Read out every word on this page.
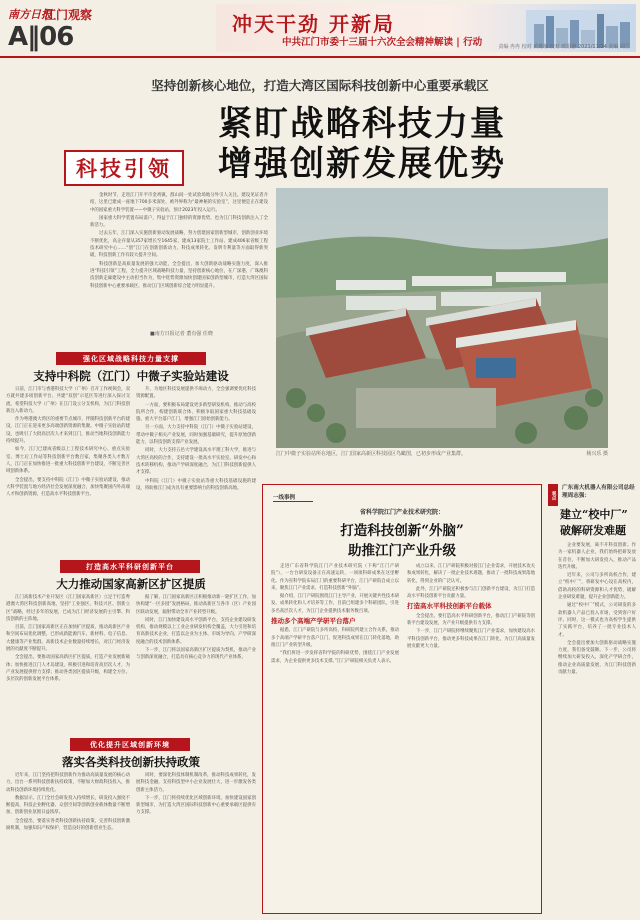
南方日报
江门观察
A‖06	冲天干劲 开新局
中共江门市委十三届十六次全会精神解读 | 行动	责编 冉冉 校对 黄耀敏 校对 欧阳静 2021/11/24 美编 周兰
坚持创新核心地位，打造大湾区国际科技创新中心重要承载区
科技引领
紧盯战略科技力量
增强创新发展优势

金秋时节，走进江门开平市金鸡镇，群山间一处试验场地分外引人关注。建设见证者介绍，这里已建成一座地下700多米深处、被外界称为“最神秘的实验室”，这里便是正在建设中的国家重大科学装置——中微子实验站，预计2023年投入运行。

国家重大科学装置布局落户，得益于江门独特的资源优势，也为江门科技创新注入了全新活力。

过去五年，江门深入实施创新驱动发展战略，努力创建国家创新型城市，创新创业环境不断优化，高企存量从357家增长至1645家，建成13家院士工作站、建成406家省级工程技术研究中心……“创”江门在创新创新动力、科技成果转化、发明专利量等方面取得新突破，科技创新工作有较大提升空间。

科技创新是高质量发展的强大动能，全会提出，加大创新驱动战略实施力度，深入推进“科技引领”工程，全力提升区域战略科技力量，坚持创新核心地位，在广深港、广珠澳科技创新走廊建设中主动担当作为，集中优势资源加快创建国家创新型城市，打造大湾区国际科技创新中心重要承载区，推动江门区域创新综合能力明显提升。

■南方日报记者 董有强 任晓
江门中微子实验站所在地区，江门国家高新区科技园区鸟瞰图，已初步形成产业集群。	杨兴乐 摄
强化区域战略科技力量支撑
支持中科院（江门）中微子实验站建设

日前，江门市与香港科技大学（广州）召开工作视频会，双方就共建多项创新平台、共建“双创”示范区等进行深入探讨交流，希望科技大学（广州）在江门设立分支机构，为江门科技创新注入新动力。

作为粤港澳大湾区的重要节点城市，伴随科技创新平台的建设，江门正在迎来更多高端创新资源的集聚。中微子实验站的建设，也吸引了大批高层次人才来到江门，推动当地科技创新能力持续提升。

如今，江门已建成省级以上工程技术研究中心、重点实验室、博士后工作站等科技创新平台数百家，集聚各类人才数万人，江门正在加快推进一批重大科技创新平台建设，不断完善区域创新体系。

全会提出，要支持中科院（江门）中微子实验站建设，推动大科学装置与地方经济社会发展深度融合，加快集聚国内外高端人才和创新资源，打造高水平科技创新平台。

升，为地区科技发展提供不竭动力，全会强调要优化科技资源配置。

一方面，要积极布局建设更多新型研发机构，推动与高校院所合作，构建创新联合体，积极争取国家重大科技基础设施、重大平台落户江门，增强江门原始创新能力。

另一方面，大力支持中科院（江门）中微子实验站建设，带动中微子相关产业发展，同时加强基础研究，提升原始创新能力，以科技创新支撑产业发展。

同时，大力支持五邑大学建设高水平理工科大学，推进与大湾区高校的合作，支持建设一批高水平实验室、研发中心和技术转移机构，推动产学研深度融合，为江门科技创新提供人才支撑。

中科院（江门）中微子实验站等重大科技基础设施的建设，将助推江门成为具有重要影响力的科技创新高地。

打造高水平科研创新平台
大力推动国家高新区扩区提质

江门高新技术产业开发区（江门国家高新区）立足于打造粤港澳大湾区科技创新高地，坚持“工业强区、科技兴区、创新立区”战略，经过多年的发展，已成为江门经济发展的主引擎、科技创新的主阵地。

目前，江门国家高新区正在加快扩区提质，推动高新区产业和空间布局优化调整，已形成新能源汽车、新材料、电子信息、大健康等产业集群，高新技术企业数量持续增长，对江门经济发展的贡献度不断提升。

全会提出，要推动国家高新区扩区提质，打造产业发展新载体；加快推进江门人才岛建设，积极引进和培育高层次人才，为产业发展提供智力支撑；推动各类园区提质升级，构建全方位、多层次的创新发展平台体系。

据了解，江门国家高新区正积极推动新一轮扩区工作，加快构建“一区多园”发展格局，推动高新区与各市（区）产业园区联动发展，辐射带动全市产业转型升级。

同时，江门加快建设高水平创新平台，支持企业建设研发机构，推动规模以上工业企业研发机构全覆盖，大力引进和培育高新技术企业，打造以企业为主体、市场为导向、产学研深度融合的技术创新体系。

下一步，江门将以国家高新区扩区提质为契机，推动产业与创新深度融合，打造具有核心竞争力的现代产业体系。

优化提升区域创新环境
落实各类科技创新扶持政策

近年来，江门坚持把科技创新作为推动高质量发展的核心动力，出台一系列科技创新扶持政策，不断加大财政科技投入，推动科技创新环境持续优化。

数据显示，江门全社会研发投入持续增长，研发投入强度不断提高，科技企业孵化器、众创空间等创新创业载体数量不断增加，创新创业氛围日益浓厚。

全会提出，要落实各类科技创新扶持政策，完善科技创新激励机制，加强知识产权保护，营造良好的创新创业生态。

同时，要深化科技体制机制改革，推动科技成果转化，发展科技金融，支持科技型中小企业发展壮大，进一步激发各类创新主体活力。

下一步，江门将持续优化区域创新环境，加快建设国家创新型城市，为打造大湾区国际科技创新中心重要承载区提供有力支撑。

一线事例
省科学院江门产业技术研究院：
打造科技创新“外脑”
助推江门产业升级

走进广东省科学院江门产业技术研究院（下称“江门产研院”），一台台研发设备正在高速运转，一项项科研成果在这里孵化。作为省科学院布局江门的重要科研平台，江门产研院自成立以来，聚焦江门产业需求，打造科技创新“外脑”。

据介绍，江门产研院围绕江门主导产业，开展关键共性技术研发、成果转化和人才培养等工作，目前已组建多个科研团队，引进多名高层次人才，为江门企业提供技术服务数百项。

推动多个高端产学研平台落户

据悉，江门产研院与多所高校、科研院所建立合作关系，推动多个高端产学研平台落户江门，促进科技成果在江门转化落地，助推江门产业转型升级。

“我们将进一步发挥省科学院的科研优势，围绕江门产业发展需求，为企业提供更多技术支撑。”江门产研院相关负责人表示。

成立以来，江门产研院积极对接江门企业需求，开展技术攻关和成果转化，解决了一批企业技术难题，推动了一批科技成果落地转化，得到企业的广泛认可。

此外，江门产研院还积极参与江门创新平台建设，为江门打造高水平科技创新平台贡献力量。

打造高水平科技创新平台载体

全会提出，要打造高水平科研创新平台，推动江门产研院等创新平台建设发展，为产业升级提供有力支撑。

下一步，江门产研院将继续聚焦江门产业需求，加快建设高水平科技创新平台，推动更多科技成果在江门转化，为江门高质量发展贡献更大力量。

观点
广东南大机器人有限公司总经理周志强：
建立“校中厂”
破解研发难题

企业要发展，离不开科技创新。作为一家机器人企业，我们始终把研发放在首位，不断加大研发投入，推动产品迭代升级。

近年来，公司与多所高校合作，建立“校中厂”，将研发中心设在高校内，借助高校的科研资源和人才优势，破解企业研发难题，提升企业创新能力。

通过“校中厂”模式，公司研发的多款机器人产品已投入市场，受到客户好评。同时，这一模式也为高校学生提供了实践平台，培养了一批专业技术人才。

全会提出要加大创新驱动战略实施力度，我们备受鼓舞。下一步，公司将继续加大研发投入，深化产学研合作，推动企业高质量发展，为江门科技创新贡献力量。
